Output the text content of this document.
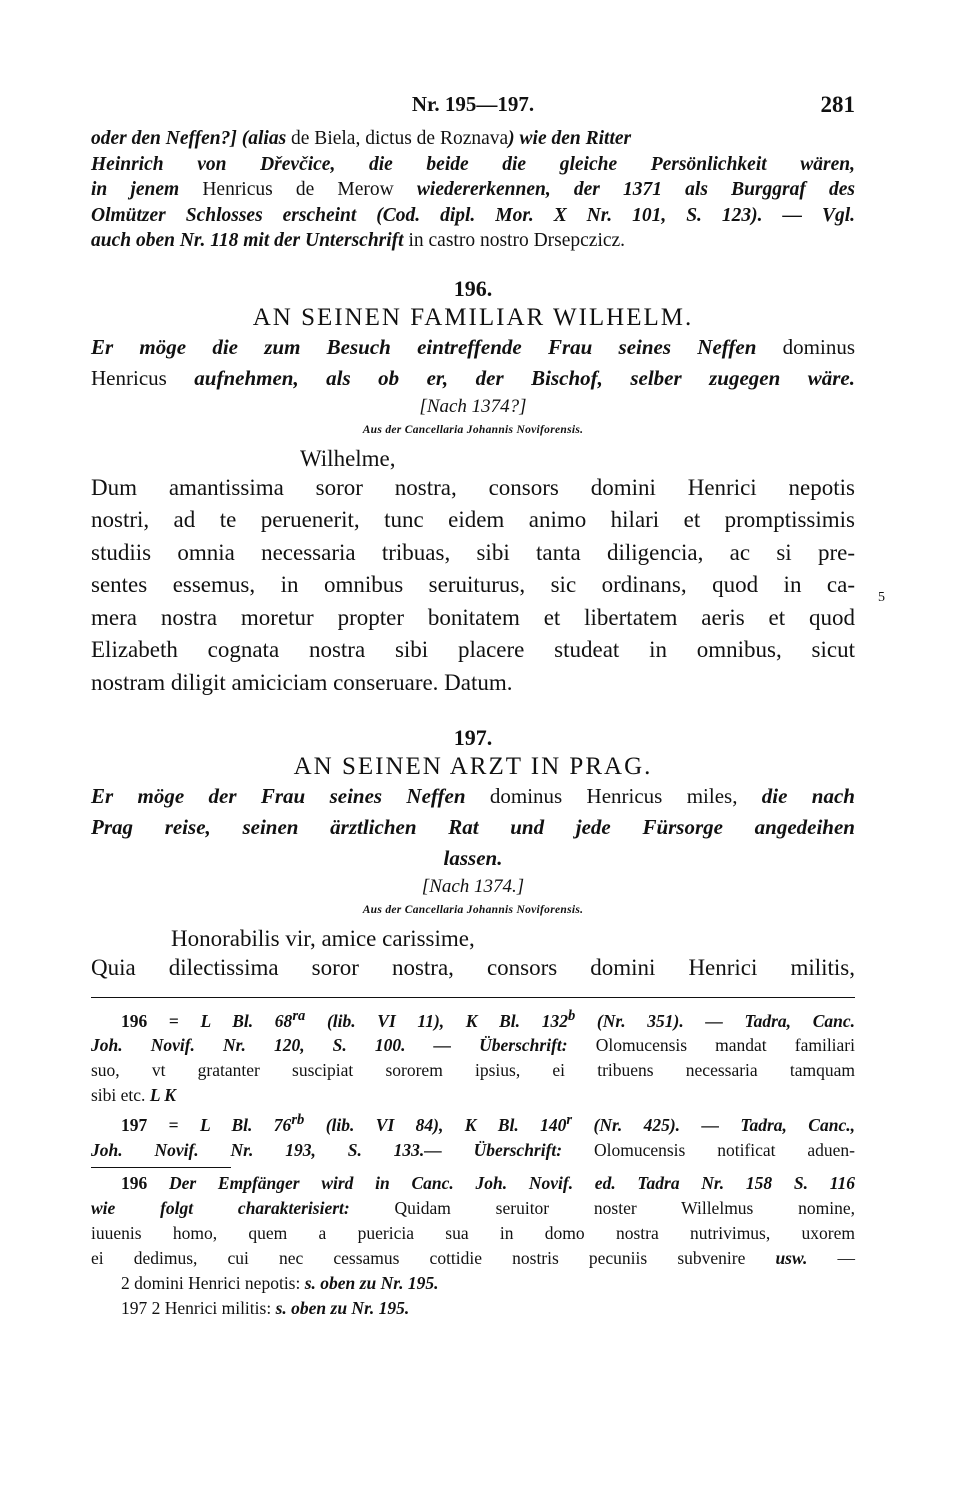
Nr. 195—197.	281
oder den Neffen?] (alias de Biela, dictus de Roznava) wie den Ritter
Heinrich von Dřevčice, die beide die gleiche Persönlichkeit wären,
in jenem Henricus de Merow wiedererkennen, der 1371 als Burggraf des
Olmützer Schlosses erscheint (Cod. dipl. Mor. X Nr. 101, S. 123). — Vgl.
auch oben Nr. 118 mit der Unterschrift in castro nostro Drsepczicz.
196.
AN SEINEN FAMILIAR WILHELM.
Er möge die zum Besuch eintreffende Frau seines Neffen dominus
Henricus aufnehmen, als ob er, der Bischof, selber zugegen wäre.
[Nach 1374?]
Aus der Cancellaria Johannis Noviforensis.
Wilhelme,
Dum amantissima soror nostra, consors domini Henrici nepotis
nostri, ad te peruenerit, tunc eidem animo hilari et promptissimis
studiis omnia necessaria tribuas, sibi tanta diligencia, ac si pre-
sentes essemus, in omnibus seruiturus, sic ordinans, quod in ca- 5
mera nostra moretur propter bonitatem et libertatem aeris et quod
Elizabeth cognata nostra sibi placere studeat in omnibus, sicut
nostram diligit amiciciam conseruare. Datum.
197.
AN SEINEN ARZT IN PRAG.
Er möge der Frau seines Neffen dominus Henricus miles, die nach
Prag reise, seinen ärztlichen Rat und jede Fürsorge angedeihen
lassen.
[Nach 1374.]
Aus der Cancellaria Johannis Noviforensis.
Honorabilis vir, amice carissime,
Quia dilectissima soror nostra, consors domini Henrici militis,

196 = L Bl. $68^{ra}$ (lib. VI 11), K Bl. 132$^b$ (Nr. 351). — Tadra, Canc.

Joh. Novif. Nr. 120, S. 100. — Überschrift: Olomucensis mandat familiari

suo, vt gratanter suscipiat sororem ipsius, ei tribuens necessaria tamquam

sibi etc. L K

197 = L Bl. $76^{rb}$ (lib. VI 84), K Bl. 140$^r$ (Nr. 425). — Tadra, Canc.,

Joh. Novif. Nr. 193, S. 133.— Überschrift: Olomucensis notificat aduen-

196 Der Empfänger wird in Canc. Joh. Novif. ed. Tadra Nr. 158 S. 116

wie folgt charakterisiert: Quidam seruitor noster Willelmus nomine,

iuuenis homo, quem a puericia sua in domo nostra nutrivimus, uxorem

ei dedimus, cui nec cessamus cottidie nostris pecuniis subvenire usw. —

2 domini Henrici nepotis: s. oben zu Nr. 195.

197 2 Henrici militis: s. oben zu Nr. 195.
